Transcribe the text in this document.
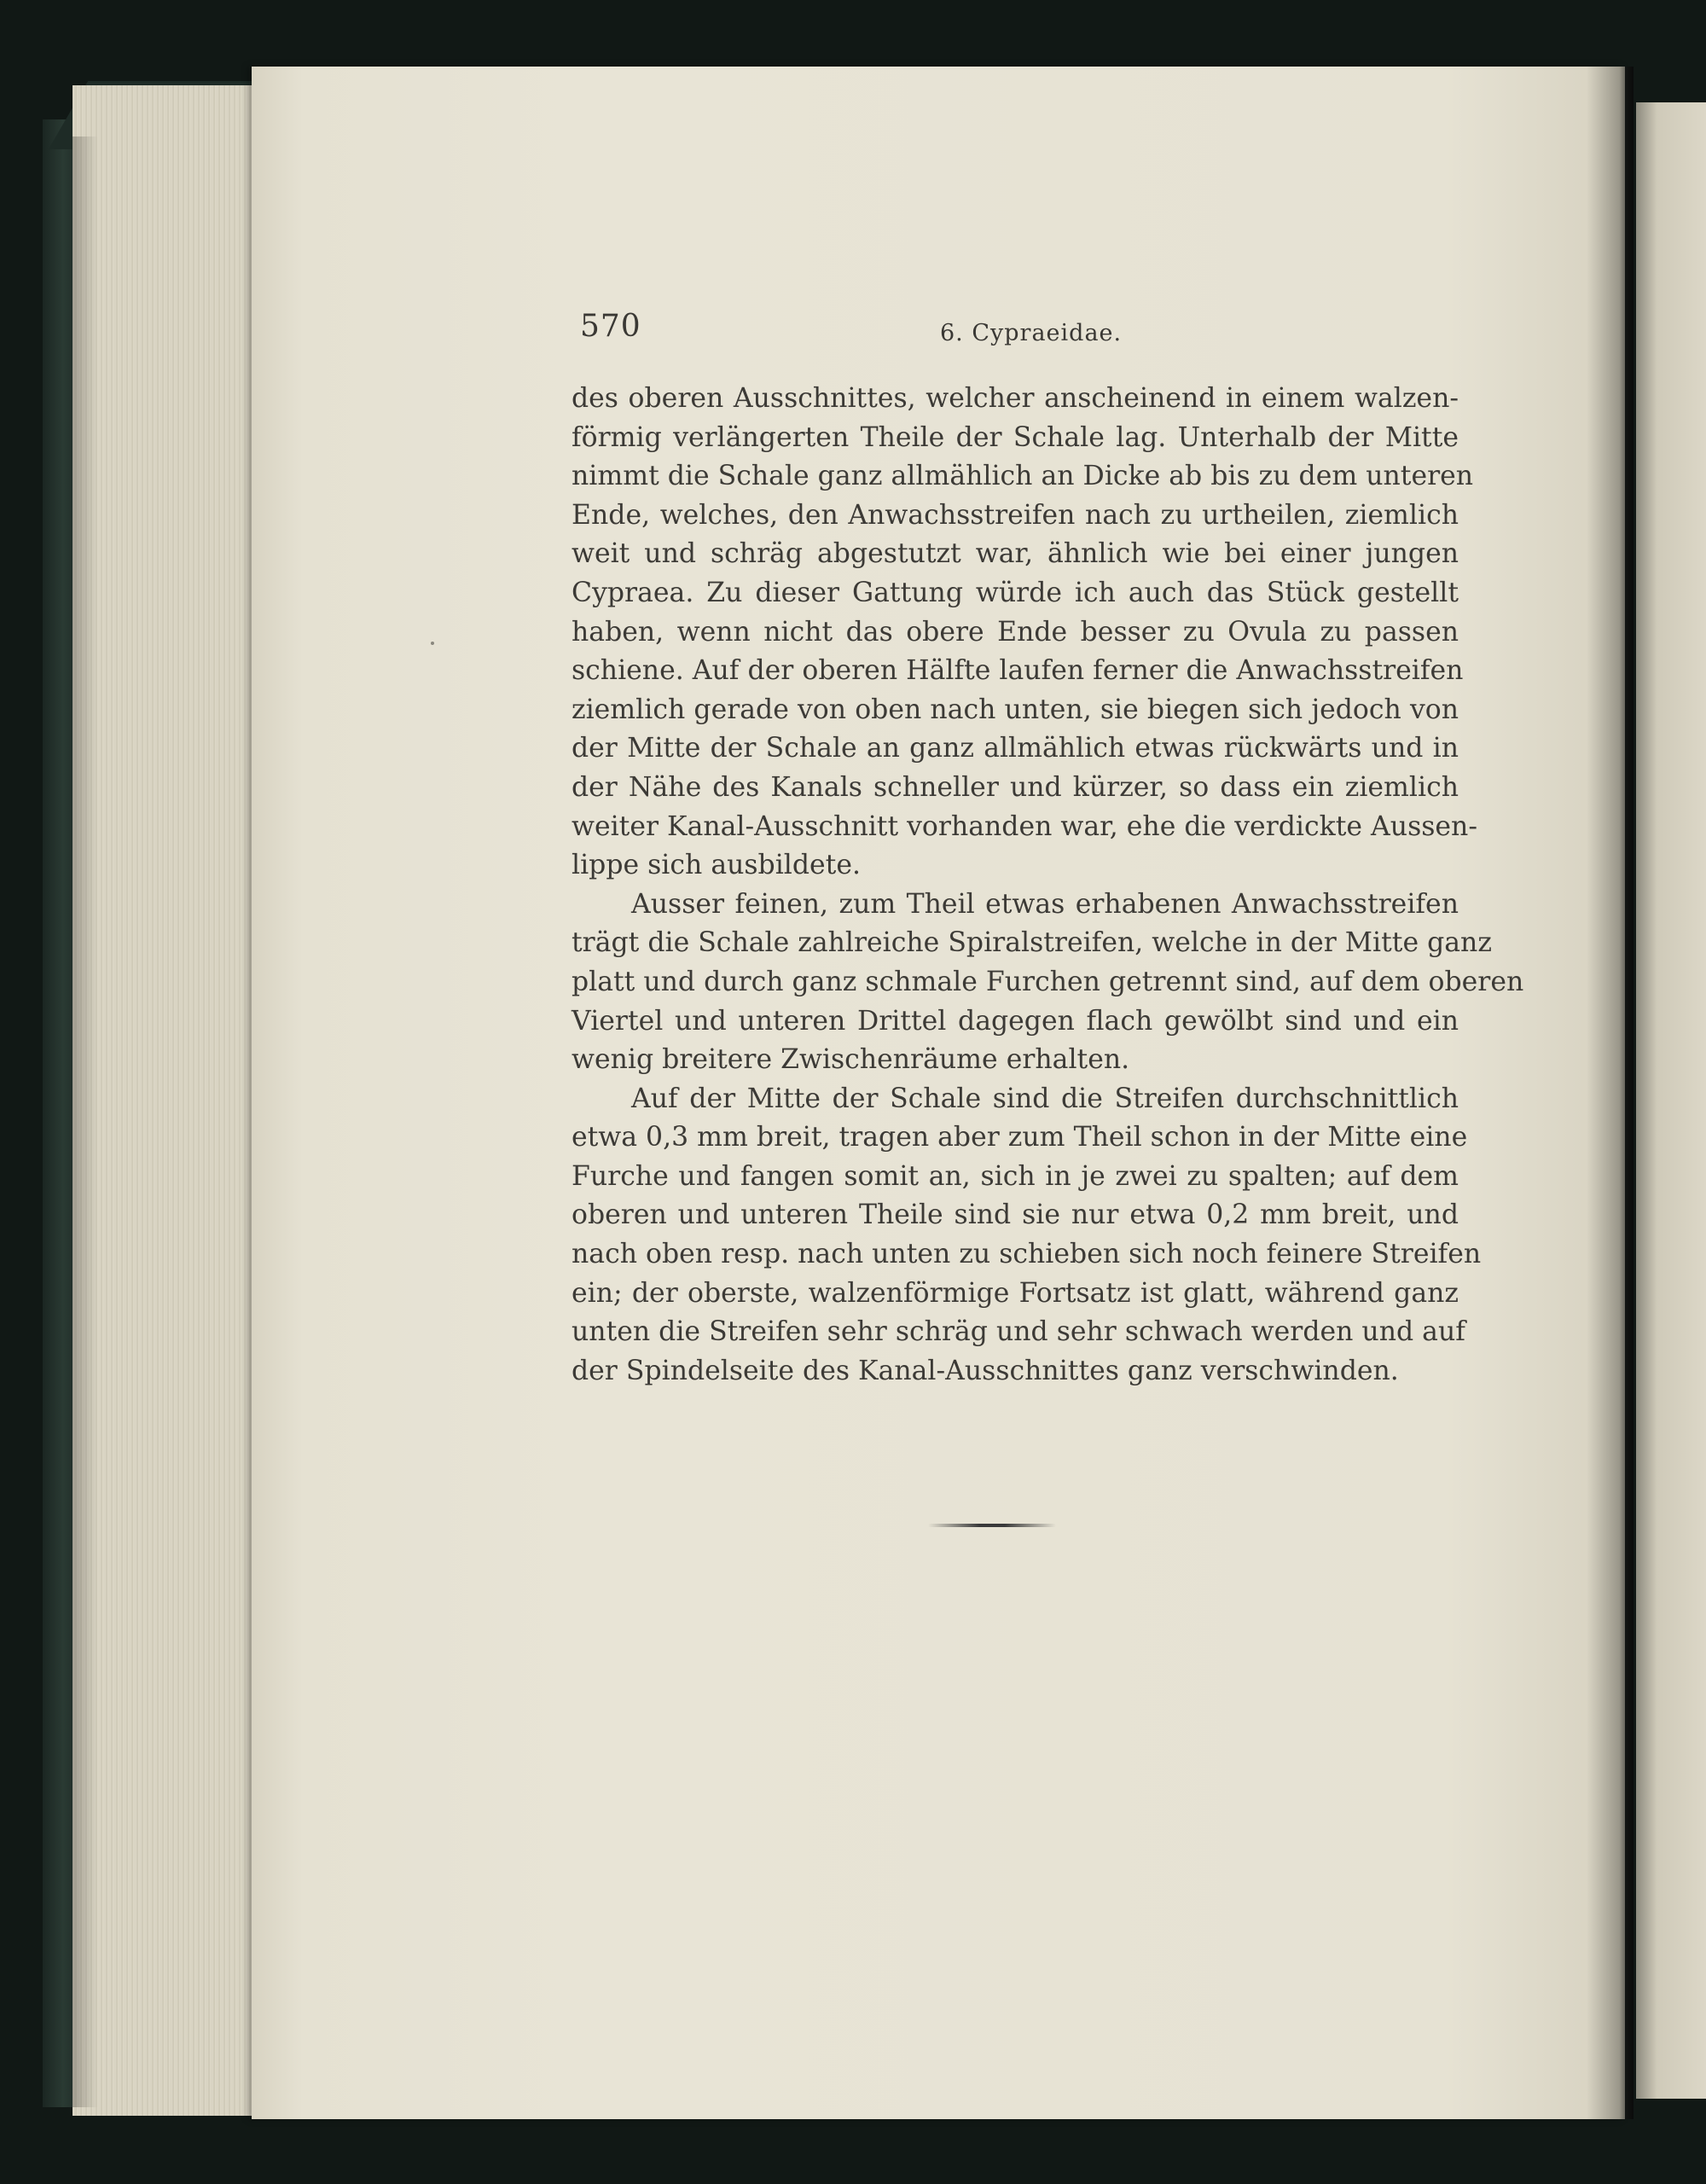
570	6. Cypraeidae.
des oberen Ausschnittes, welcher anscheinend in einem walzen-
förmig verlängerten Theile der Schale lag. Unterhalb der Mitte
nimmt die Schale ganz allmählich an Dicke ab bis zu dem unteren
Ende, welches, den Anwachsstreifen nach zu urtheilen, ziemlich
weit und schräg abgestutzt war, ähnlich wie bei einer jungen
Cypraea. Zu dieser Gattung würde ich auch das Stück gestellt
haben, wenn nicht das obere Ende besser zu Ovula zu passen
schiene. Auf der oberen Hälfte laufen ferner die Anwachsstreifen
ziemlich gerade von oben nach unten, sie biegen sich jedoch von
der Mitte der Schale an ganz allmählich etwas rückwärts und in
der Nähe des Kanals schneller und kürzer, so dass ein ziemlich
weiter Kanal-Ausschnitt vorhanden war, ehe die verdickte Aussen-
lippe sich ausbildete.
Ausser feinen, zum Theil etwas erhabenen Anwachsstreifen
trägt die Schale zahlreiche Spiralstreifen, welche in der Mitte ganz
platt und durch ganz schmale Furchen getrennt sind, auf dem oberen
Viertel und unteren Drittel dagegen flach gewölbt sind und ein
wenig breitere Zwischenräume erhalten.
Auf der Mitte der Schale sind die Streifen durchschnittlich
etwa 0,3 mm breit, tragen aber zum Theil schon in der Mitte eine
Furche und fangen somit an, sich in je zwei zu spalten; auf dem
oberen und unteren Theile sind sie nur etwa 0,2 mm breit, und
nach oben resp. nach unten zu schieben sich noch feinere Streifen
ein; der oberste, walzenförmige Fortsatz ist glatt, während ganz
unten die Streifen sehr schräg und sehr schwach werden und auf
der Spindelseite des Kanal-Ausschnittes ganz verschwinden.
